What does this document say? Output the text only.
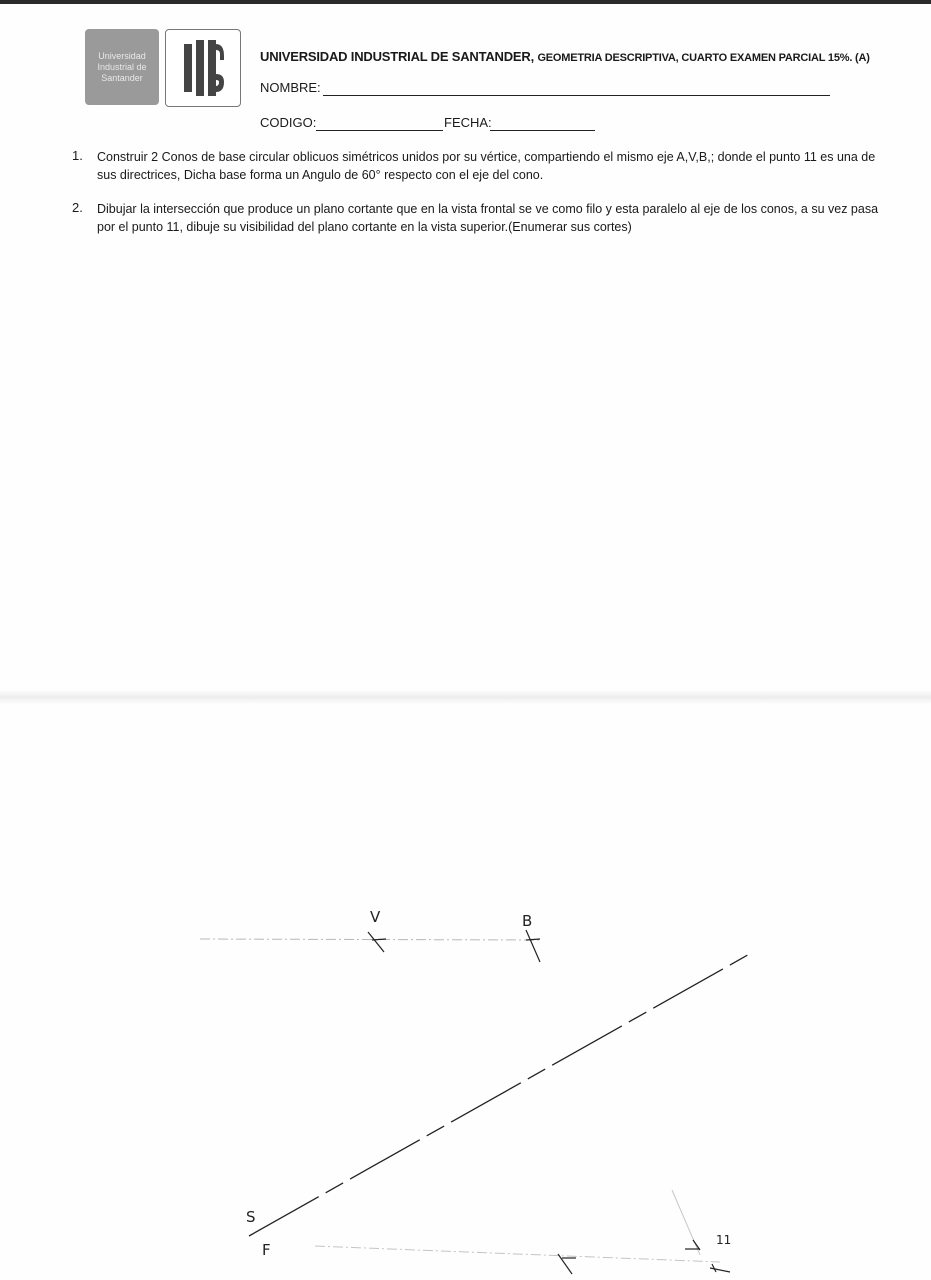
Universidad
Industrial de
Santander
UNIVERSIDAD INDUSTRIAL DE SANTANDER, GEOMETRIA DESCRIPTIVA, CUARTO EXAMEN PARCIAL 15%. (A)
NOMBRE:
CODIGO:	FECHA:
1. Construir 2 Conos de base circular oblicuos simétricos unidos por su vértice, compartiendo el mismo eje A,V,B,; donde el punto 11 es una de sus directrices, Dicha base forma un Angulo de 60° respecto con el eje del cono.
2. Dibujar la intersección que produce un plano cortante que en la vista frontal se ve como filo y esta paralelo al eje de los conos, a su vez pasa por el punto 11, dibuje su visibilidad del plano cortante en la vista superior.(Enumerar sus cortes)
V	B
S
F
11
